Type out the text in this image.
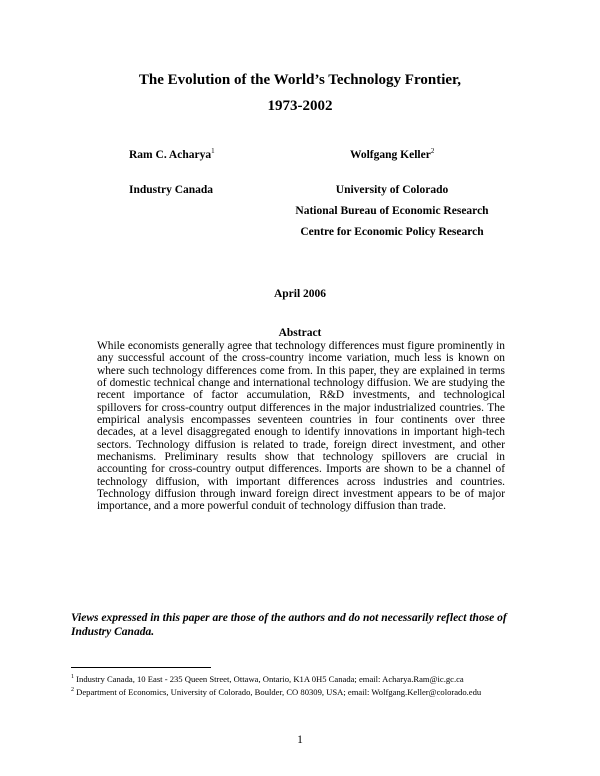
The Evolution of the World’s Technology Frontier,
1973-2002
Ram C. Acharya$^1$
Industry Canada
Wolfgang Keller$^2$
University of Colorado
National Bureau of Economic Research
Centre for Economic Policy Research
April 2006
Abstract
While economists generally agree that technology differences must figure prominently in any successful account of the cross-country income variation, much less is known on where such technology differences come from. In this paper, they are explained in terms of domestic technical change and international technology diffusion. We are studying the recent importance of factor accumulation, R&D investments, and technological spillovers for cross-country output differences in the major industrialized countries. The empirical analysis encompasses seventeen countries in four continents over three decades, at a level disaggregated enough to identify innovations in important high-tech sectors. Technology diffusion is related to trade, foreign direct investment, and other mechanisms. Preliminary results show that technology spillovers are crucial in accounting for cross-country output differences. Imports are shown to be a channel of technology diffusion, with important differences across industries and countries. Technology diffusion through inward foreign direct investment appears to be of major importance, and a more powerful conduit of technology diffusion than trade.
Views expressed in this paper are those of the authors and do not necessarily reflect those of Industry Canada.
$^1$ Industry Canada, 10 East - 235 Queen Street, Ottawa, Ontario, K1A 0H5 Canada; email: Acharya.Ram@ic.gc.ca
$^2$ Department of Economics, University of Colorado, Boulder, CO 80309, USA; email: Wolfgang.Keller@colorado.edu
1
